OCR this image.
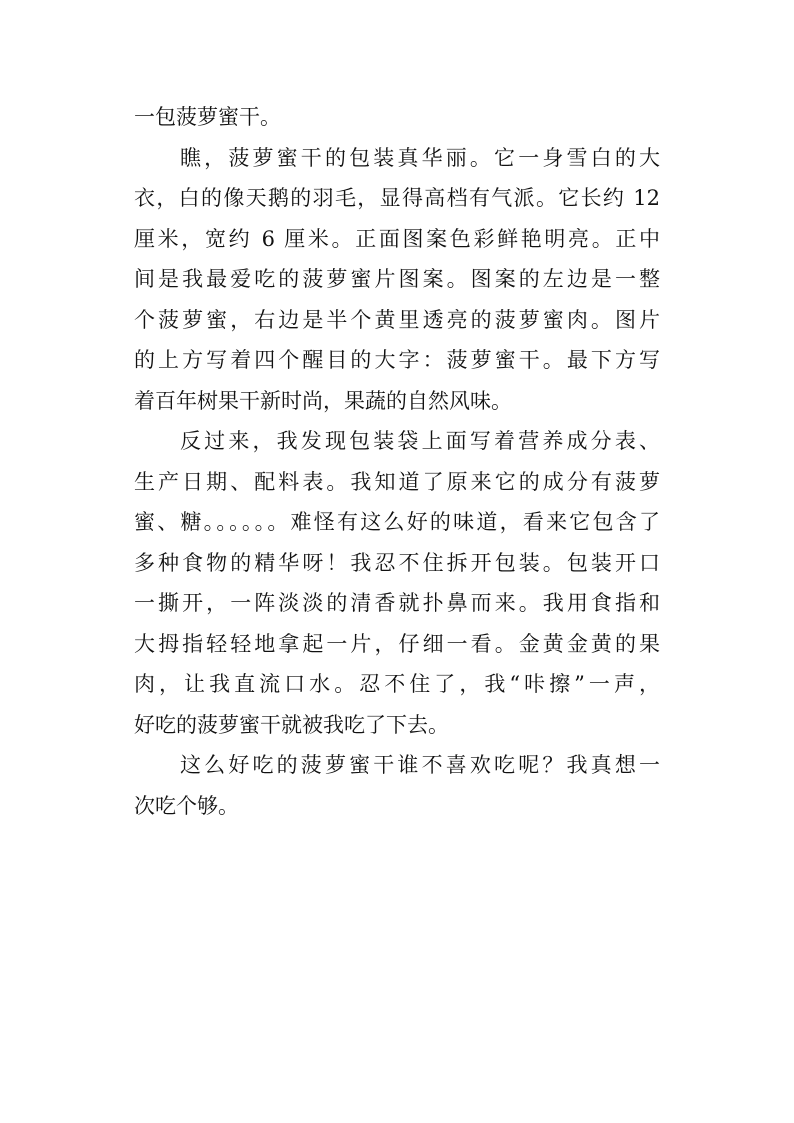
一包菠萝蜜干。
瞧，菠萝蜜干的包装真华丽。它一身雪白的大
衣，白的像天鹅的羽毛，显得高档有气派。它长约 12
厘米，宽约 6 厘米。正面图案色彩鲜艳明亮。正中
间是我最爱吃的菠萝蜜片图案。图案的左边是一整
个菠萝蜜，右边是半个黄里透亮的菠萝蜜肉。图片
的上方写着四个醒目的大字：菠萝蜜干。最下方写
着百年树果干新时尚，果蔬的自然风味。
反过来，我发现包装袋上面写着营养成分表、
生产日期、配料表。我知道了原来它的成分有菠萝
蜜、糖。。。。。。难怪有这么好的味道，看来它包含了
多种食物的精华呀！我忍不住拆开包装。包装开口
一撕开，一阵淡淡的清香就扑鼻而来。我用食指和
大拇指轻轻地拿起一片，仔细一看。金黄金黄的果
肉，让我直流口水。忍不住了，我“咔擦”一声，
好吃的菠萝蜜干就被我吃了下去。
这么好吃的菠萝蜜干谁不喜欢吃呢？我真想一
次吃个够。
